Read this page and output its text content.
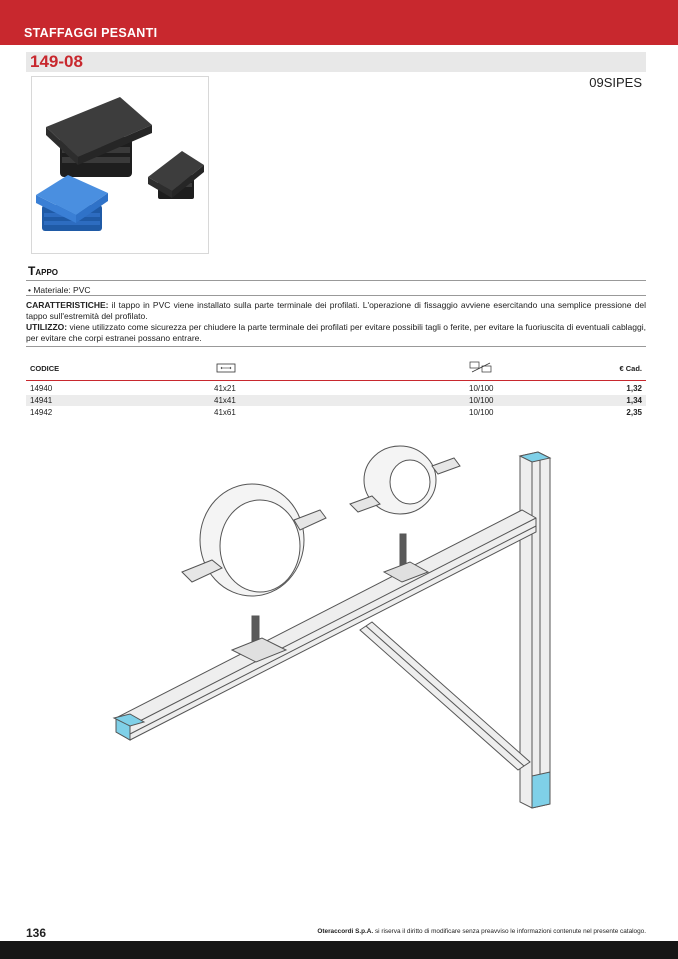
STAFFAGGI PESANTI
149-08
09SIPES
Tappo
• Materiale: PVC
CARATTERISTICHE: il tappo in PVC viene installato sulla parte terminale dei profilati. L'operazione di fissaggio avviene esercitando una semplice pressione del tappo sull'estremità del profilato.
UTILIZZO: viene utilizzato come sicurezza per chiudere la parte terminale dei profilati per evitare possibili tagli o ferite, per evitare la fuoriuscita di eventuali cablaggi, per evitare che corpi estranei possano entrare.
CODICE	€ Cad.
14940	41x21	10/100	1,32
14941	41x41	10/100	1,34
14942	41x61	10/100	2,35
136	Oteraccordi S.p.A. si riserva il diritto di modificare senza preavviso le informazioni contenute nel presente catalogo.
